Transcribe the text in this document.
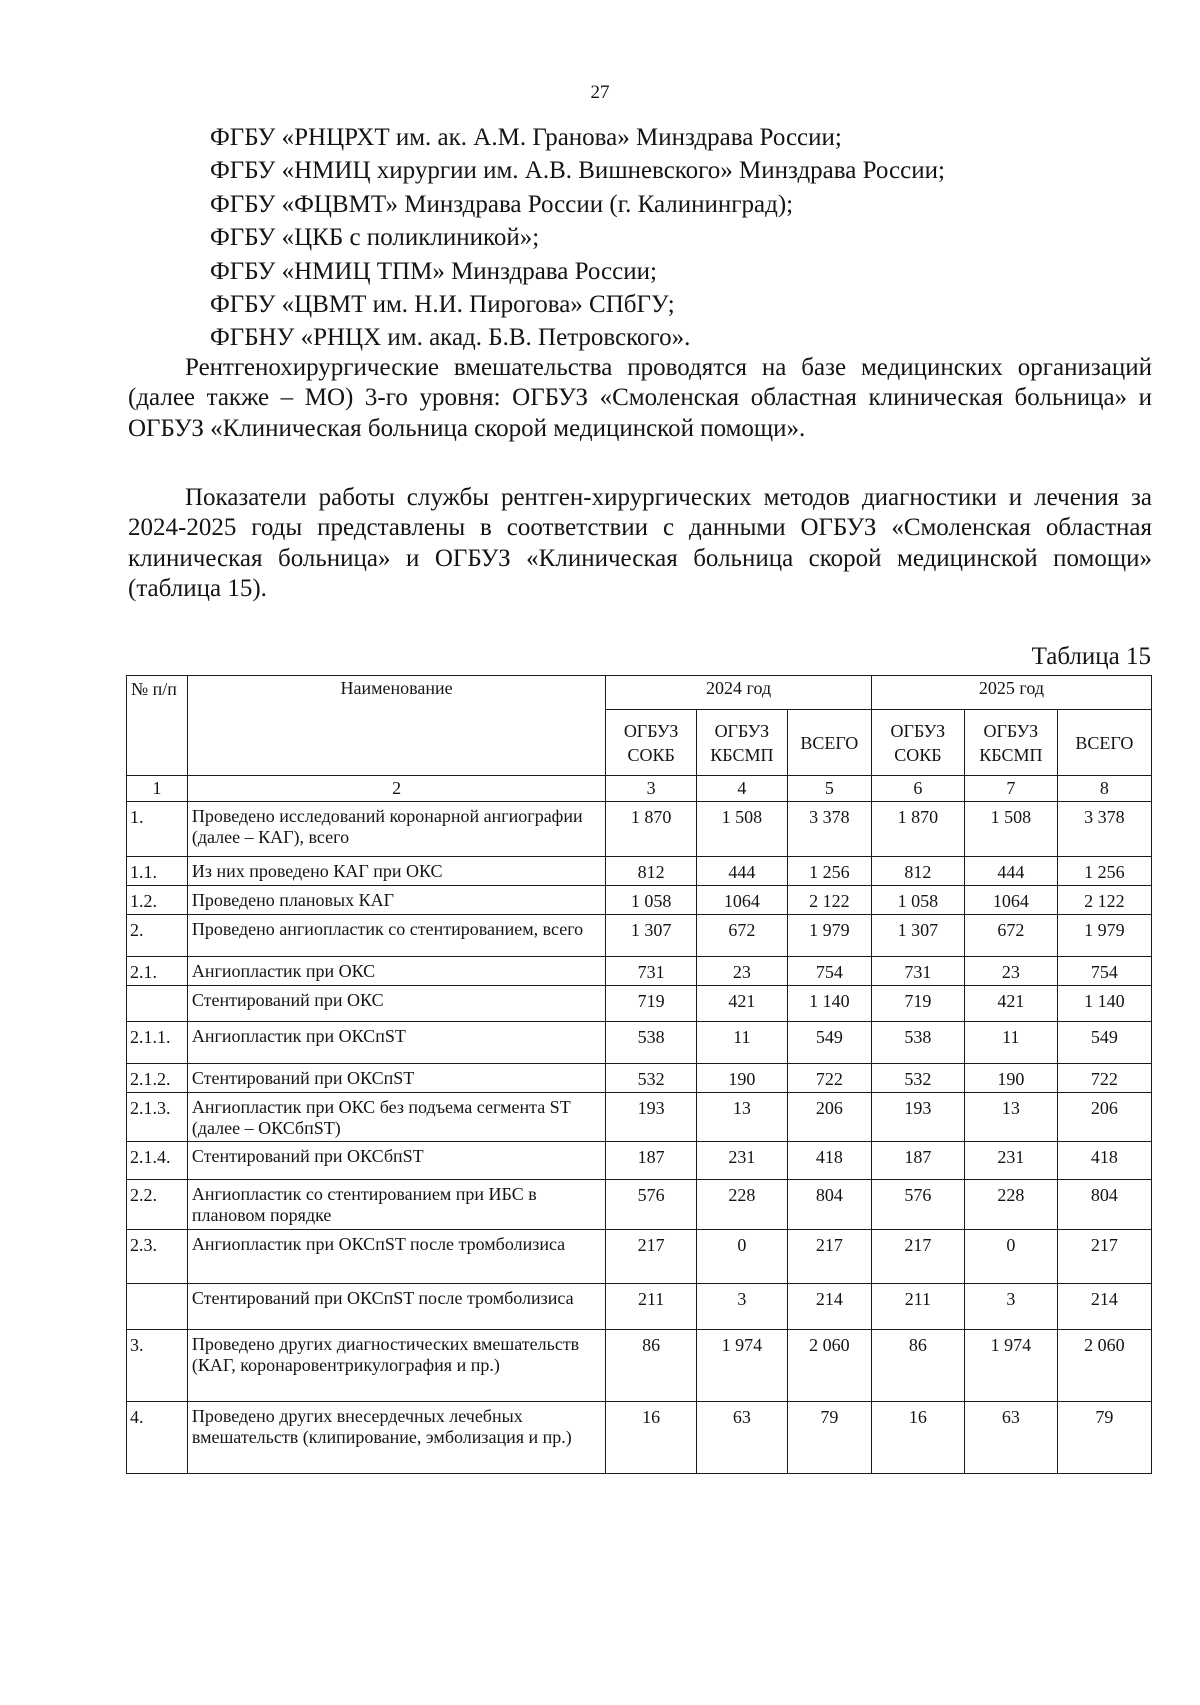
27
ФГБУ «РНЦРХТ им. ак. А.М. Гранова» Минздрава России;
ФГБУ «НМИЦ хирургии им. А.В. Вишневского» Минздрава России;
ФГБУ «ФЦВМТ» Минздрава России (г. Калининград);
ФГБУ «ЦКБ с поликлиникой»;
ФГБУ «НМИЦ ТПМ» Минздрава России;
ФГБУ «ЦВМТ им. Н.И. Пирогова» СПбГУ;
ФГБНУ «РНЦХ им. акад. Б.В. Петровского».

Рентгенохирургические вмешательства проводятся на базе медицинских организаций (далее также – МО) 3-го уровня: ОГБУЗ «Смоленская областная клиническая больница» и ОГБУЗ «Клиническая больница скорой медицинской помощи».

Показатели работы службы рентген-хирургических методов диагностики и лечения за 2024-2025 годы представлены в соответствии с данными ОГБУЗ «Смоленская областная клиническая больница» и ОГБУЗ «Клиническая больница скорой медицинской помощи» (таблица 15).

Таблица 15
№ п/п	Наименование	2024 год			2025 год		
		ОГБУЗ СОКБ	ОГБУЗ КБСМП	ВСЕГО	ОГБУЗ СОКБ	ОГБУЗ КБСМП	ВСЕГО
1	2	3	4	5	6	7	8
1.	Проведено исследований коронарной ангиографии (далее – КАГ), всего	1 870	1 508	3 378	1 870	1 508	3 378
1.1.	Из них проведено КАГ при ОКС	812	444	1 256	812	444	1 256
1.2.	Проведено плановых КАГ	1 058	1064	2 122	1 058	1064	2 122
2.	Проведено ангиопластик со стентированием, всего	1 307	672	1 979	1 307	672	1 979
2.1.	Ангиопластик при ОКС	731	23	754	731	23	754
	Стентирований при ОКС	719	421	1 140	719	421	1 140
2.1.1.	Ангиопластик при ОКСпST	538	11	549	538	11	549
2.1.2.	Стентирований при ОКСпST	532	190	722	532	190	722
2.1.3.	Ангиопластик при ОКС без подъема сегмента ST (далее – ОКСбпST)	193	13	206	193	13	206
2.1.4.	Стентирований при ОКСбпST	187	231	418	187	231	418
2.2.	Ангиопластик со стентированием при ИБС в плановом порядке	576	228	804	576	228	804
2.3.	Ангиопластик при ОКСпST после тромболизиса	217	0	217	217	0	217
	Стентирований при ОКСпST после тромболизиса	211	3	214	211	3	214
3.	Проведено других диагностических вмешательств (КАГ, коронаровентрикулография и пр.)	86	1 974	2 060	86	1 974	2 060
4.	Проведено других внесердечных лечебных вмешательств (клипирование, эмболизация и пр.)	16	63	79	16	63	79
